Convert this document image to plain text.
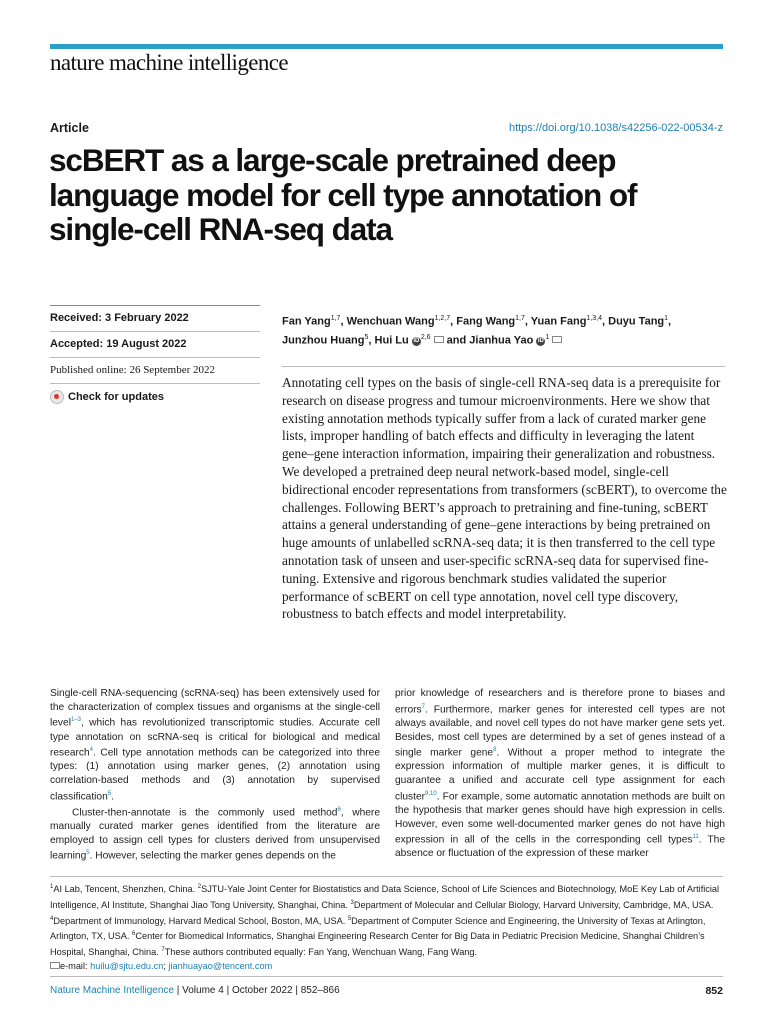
nature machine intelligence
Article	https://doi.org/10.1038/s42256-022-00534-z
scBERT as a large-scale pretrained deep language model for cell type annotation of single-cell RNA-seq data
Received: 3 February 2022
Accepted: 19 August 2022
Published online: 26 September 2022
Check for updates
Fan Yang$^{1,7}$, Wenchuan Wang$^{1,2,7}$, Fang Wang$^{1,7}$, Yuan Fang$^{1,3,4}$, Duyu Tang$^1$,
Junzhou Huang$^5$, Hui Lu iD$^{2,6}$ and Jianhua Yao $iD^1$

Annotating cell types on the basis of single-cell RNA-seq data is a prerequisite for research on disease progress and tumour microenvironments. Here we show that existing annotation methods typically suffer from a lack of curated marker gene lists, improper handling of batch effects and difficulty in leveraging the latent gene–gene interaction information, impairing their generalization and robustness. We developed a pretrained deep neural network-based model, single-cell bidirectional encoder representations from transformers (scBERT), to overcome the challenges. Following BERT’s approach to pretraining and fine-tuning, scBERT attains a general understanding of gene–gene interactions by being pretrained on huge amounts of unlabelled scRNA-seq data; it is then transferred to the cell type annotation task of unseen and user-specific scRNA-seq data for supervised fine-tuning. Extensive and rigorous benchmark studies validated the superior performance of scBERT on cell type annotation, novel cell type discovery, robustness to batch effects and model interpretability.

Single-cell RNA-sequencing (scRNA-seq) has been extensively used for the characterization of complex tissues and organisms at the single-cell level$^{1-3}$, which has revolutionized transcriptomic studies. Accurate cell type annotation on scRNA-seq is critical for biological and medical research$^4$. Cell type annotation methods can be categorized into three types: (1) annotation using marker genes, (2) annotation using correlation-based methods and (3) annotation by supervised classification$^5$.

Cluster-then-annotate is the commonly used method$^6$, where manually curated marker genes identified from the literature are employed to assign cell types for clusters derived from unsupervised learning$^5$. However, selecting the marker genes depends on the

prior knowledge of researchers and is therefore prone to biases and errors$^7$. Furthermore, marker genes for interested cell types are not always available, and novel cell types do not have marker gene sets yet. Besides, most cell types are determined by a set of genes instead of a single marker gene$^8$. Without a proper method to integrate the expression information of multiple marker genes, it is difficult to guarantee a unified and accurate cell type assignment for each cluster$^{9,10}$. For example, some automatic annotation methods are built on the hypothesis that marker genes should have high expression in cells. However, even some well-documented marker genes do not have high expression in all of the cells in the corresponding cell types$^{11}$. The absence or fluctuation of the expression of these marker

$^1$AI Lab, Tencent, Shenzhen, China. $^2$SJTU-Yale Joint Center for Biostatistics and Data Science, School of Life Sciences and Biotechnology, MoE Key Lab of Artificial Intelligence, AI Institute, Shanghai Jiao Tong University, Shanghai, China. $^3$Department of Molecular and Cellular Biology, Harvard University, Cambridge, MA, USA. $^4$Department of Immunology, Harvard Medical School, Boston, MA, USA. $^5$Department of Computer Science and Engineering, the University of Texas at Arlington, Arlington, TX, USA. $^6$Center for Biomedical Informatics, Shanghai Engineering Research Center for Big Data in Pediatric Precision Medicine, Shanghai Children’s Hospital, Shanghai, China. $^7$These authors contributed equally: Fan Yang, Wenchuan Wang, Fang Wang.
e-mail: huilu@sjtu.edu.cn; jianhuayao@tencent.com

Nature Machine Intelligence | Volume 4 | October 2022 | 852–866	852
